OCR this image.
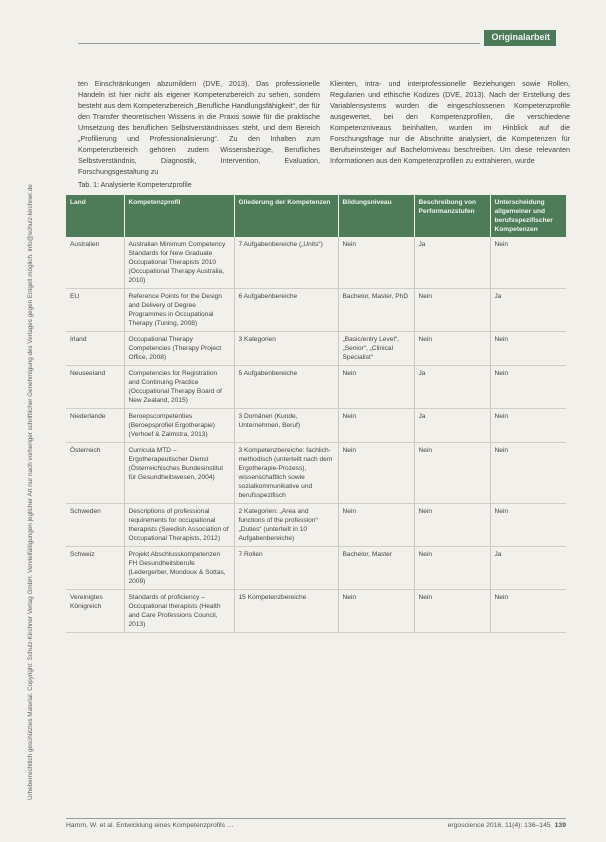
Urheberrechtlich geschütztes Material. Copyright: Schulz-Kirchner Verlag GmbH. Vervielfältigungen jeglicher Art nur nach vorheriger schriftlicher Genehmigung des Verlages gegen Entgelt möglich. info@schulz-kirchner.de
Originalarbeit

ten Einschränkungen abzumildern (DVE, 2013). Das professionelle Handeln ist hier nicht als eigener Kompetenzbereich zu sehen, sondern besteht aus dem Kompetenzbereich „Berufliche Handlungsfähigkeit“, der für den Transfer theoretischen Wissens in die Praxis sowie für die praktische Umsetzung des beruflichen Selbstverständnisses steht, und dem Bereich „Profilierung und Professionalisierung“. Zu den Inhalten zum Kompetenzbereich gehören zudem Wissensbezüge, Berufliches Selbstverständnis, Diagnostik, Intervention, Evaluation, Forschungsgestaltung zu

Klienten, intra- und interprofessionelle Beziehungen sowie Rollen, Regularien und ethische Kodizes (DVE, 2013). Nach der Erstellung des Variablensystems wurden die eingeschlossenen Kompetenzprofile ausgewertet, bei den Kompetenzprofilen, die verschiedene Kompetenzniveaus beinhalten, wurden im Hinblick auf die Forschungsfrage nur die Abschnitte analysiert, die Kompetenzen für Berufseinsteiger auf Bachelorniveau beschreiben. Um diese relevanten Informationen aus den Kompetenzprofilen zu extrahieren, wurde

Tab. 1: Analysierte Kompetenzprofile
Land	Kompetenzprofil	Gliederung der Kompetenzen	Bildungsniveau	Beschreibung von Performanzstufen	Unterscheidung allgemeiner und berufsspezifischer Kompetenzen
Australien	Australian Minimum Competency Standards for New Graduate Occupational Therapists 2010 (Occupational Therapy Australia, 2010)	7 Aufgabenbereiche („Units“)	Nein	Ja	Nein
EU	Reference Points for the Design and Delivery of Degree Programmes in Occupational Therapy (Tuning, 2008)	6 Aufgabenbereiche	Bachelor, Master, PhD	Nein	Ja
Irland	Occupational Therapy Competencies (Therapy Project Office, 2008)	3 Kategorien	„Basic/entry Level“, „Senior“, „Clinical Specialist“	Nein	Nein
Neuseeland	Competencies for Registration and Continuing Practice (Occupational Therapy Board of New Zealand, 2015)	5 Aufgabenbereiche	Nein	Ja	Nein
Niederlande	Beroepscompetenties (Beroepsprofiel Ergotherapie) (Verhoef & Zalmstra, 2013)	3 Domänen (Kunde, Unternehmen, Beruf)	Nein	Ja	Nein
Österreich	Curricula MTD – Ergotherapeutischer Dienst (Österreichisches Bundesinstitut für Gesundheitswesen, 2004)	3 Kompetenzbereiche: fachlich-methodisch (unterteilt nach dem Ergotherapie-Prozess), wissenschaftlich sowie sozialkommunikative und berufsspezifisch	Nein	Nein	Nein
Schweden	Descriptions of professional requirements for occupational therapists (Swedish Association of Occupational Therapists, 2012)	2 Kategorien: „Area and functions of the profession“ „Duties“ (unterteilt in 10 Aufgabenbereiche)	Nein	Nein	Nein
Schweiz	Projekt Abschlusskompetenzen FH Gesundheitsberufe (Ledergerber, Mondoux & Sottas, 2009)	7 Rollen	Bachelor, Master	Nein	Ja
Vereinigtes Königreich	Standards of proficiency – Occupational therapists (Health and Care Professions Council, 2013)	15 Kompetenzbereiche	Nein	Nein	Nein
Hamm, W. et al. Entwicklung eines Kompetenzprofils …	ergoscience 2016, 11(4): 136–145 139
